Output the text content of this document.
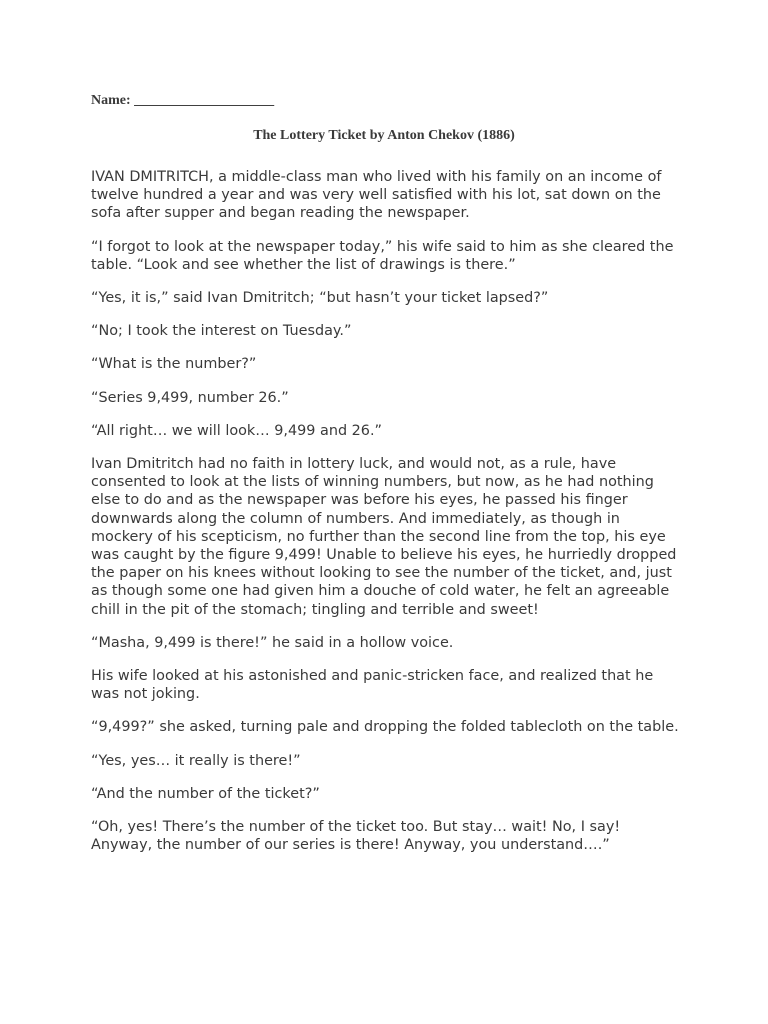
Name: ____________________
The Lottery Ticket by Anton Chekov (1886)

IVAN DMITRITCH, a middle-class man who lived with his family on an income of twelve hundred a year and was very well satisfied with his lot, sat down on the sofa after supper and began reading the newspaper.

“I forgot to look at the newspaper today,” his wife said to him as she cleared the table. “Look and see whether the list of drawings is there.”

“Yes, it is,” said Ivan Dmitritch; “but hasn’t your ticket lapsed?”

“No; I took the interest on Tuesday.”

“What is the number?”

“Series 9,499, number 26.”

“All right… we will look… 9,499 and 26.”

Ivan Dmitritch had no faith in lottery luck, and would not, as a rule, have consented to look at the lists of winning numbers, but now, as he had nothing else to do and as the newspaper was before his eyes, he passed his finger downwards along the column of numbers. And immediately, as though in mockery of his scepticism, no further than the second line from the top, his eye was caught by the figure 9,499! Unable to believe his eyes, he hurriedly dropped the paper on his knees without looking to see the number of the ticket, and, just as though some one had given him a douche of cold water, he felt an agreeable chill in the pit of the stomach; tingling and terrible and sweet!

“Masha, 9,499 is there!” he said in a hollow voice.

His wife looked at his astonished and panic-stricken face, and realized that he was not joking.

“9,499?” she asked, turning pale and dropping the folded tablecloth on the table.

“Yes, yes… it really is there!”

“And the number of the ticket?”

“Oh, yes! There’s the number of the ticket too. But stay… wait! No, I say! Anyway, the number of our series is there! Anyway, you understand….”
